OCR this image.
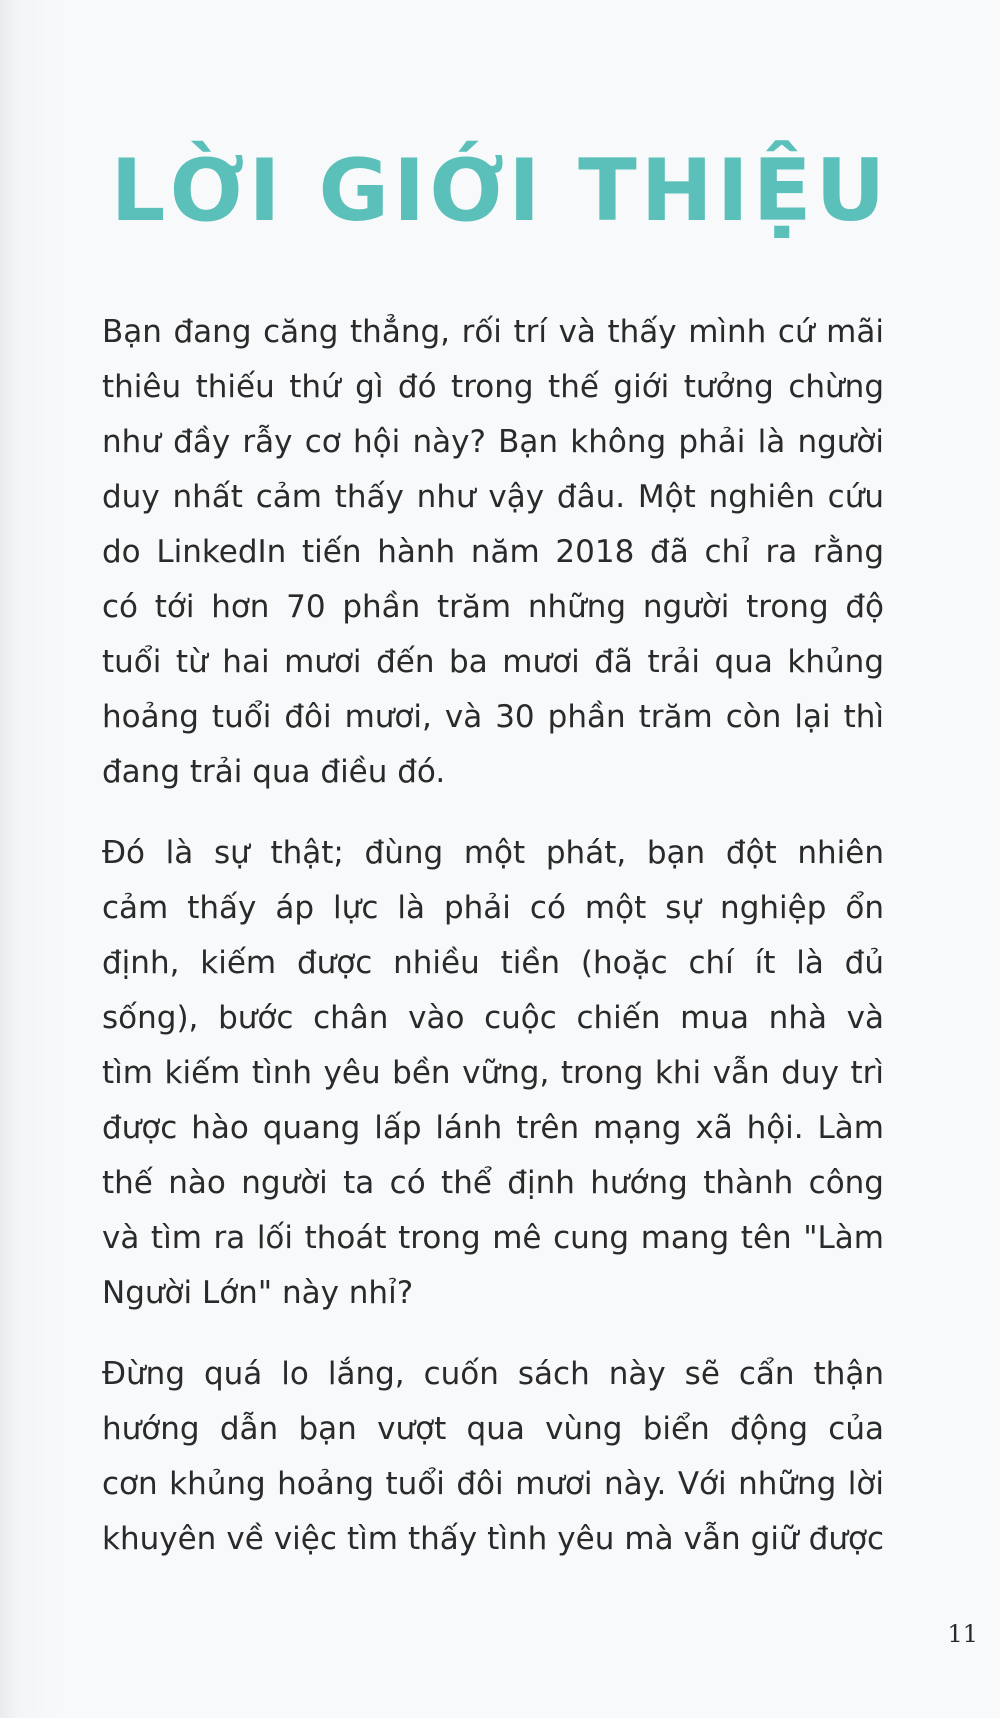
LỜI GIỚI THIỆU
Bạn đang căng thẳng, rối trí và thấy mình cứ mãi
thiêu thiếu thứ gì đó trong thế giới tưởng chừng
như đầy rẫy cơ hội này? Bạn không phải là người
duy nhất cảm thấy như vậy đâu. Một nghiên cứu
do LinkedIn tiến hành năm 2018 đã chỉ ra rằng
có tới hơn 70 phần trăm những người trong độ
tuổi từ hai mươi đến ba mươi đã trải qua khủng
hoảng tuổi đôi mươi, và 30 phần trăm còn lại thì
đang trải qua điều đó.
Đó là sự thật; đùng một phát, bạn đột nhiên
cảm thấy áp lực là phải có một sự nghiệp ổn
định, kiếm được nhiều tiền (hoặc chí ít là đủ
sống), bước chân vào cuộc chiến mua nhà và
tìm kiếm tình yêu bền vững, trong khi vẫn duy trì
được hào quang lấp lánh trên mạng xã hội. Làm
thế nào người ta có thể định hướng thành công
và tìm ra lối thoát trong mê cung mang tên "Làm
Người Lớn" này nhỉ?
Đừng quá lo lắng, cuốn sách này sẽ cẩn thận
hướng dẫn bạn vượt qua vùng biển động của
cơn khủng hoảng tuổi đôi mươi này. Với những lời
khuyên về việc tìm thấy tình yêu mà vẫn giữ được
11
